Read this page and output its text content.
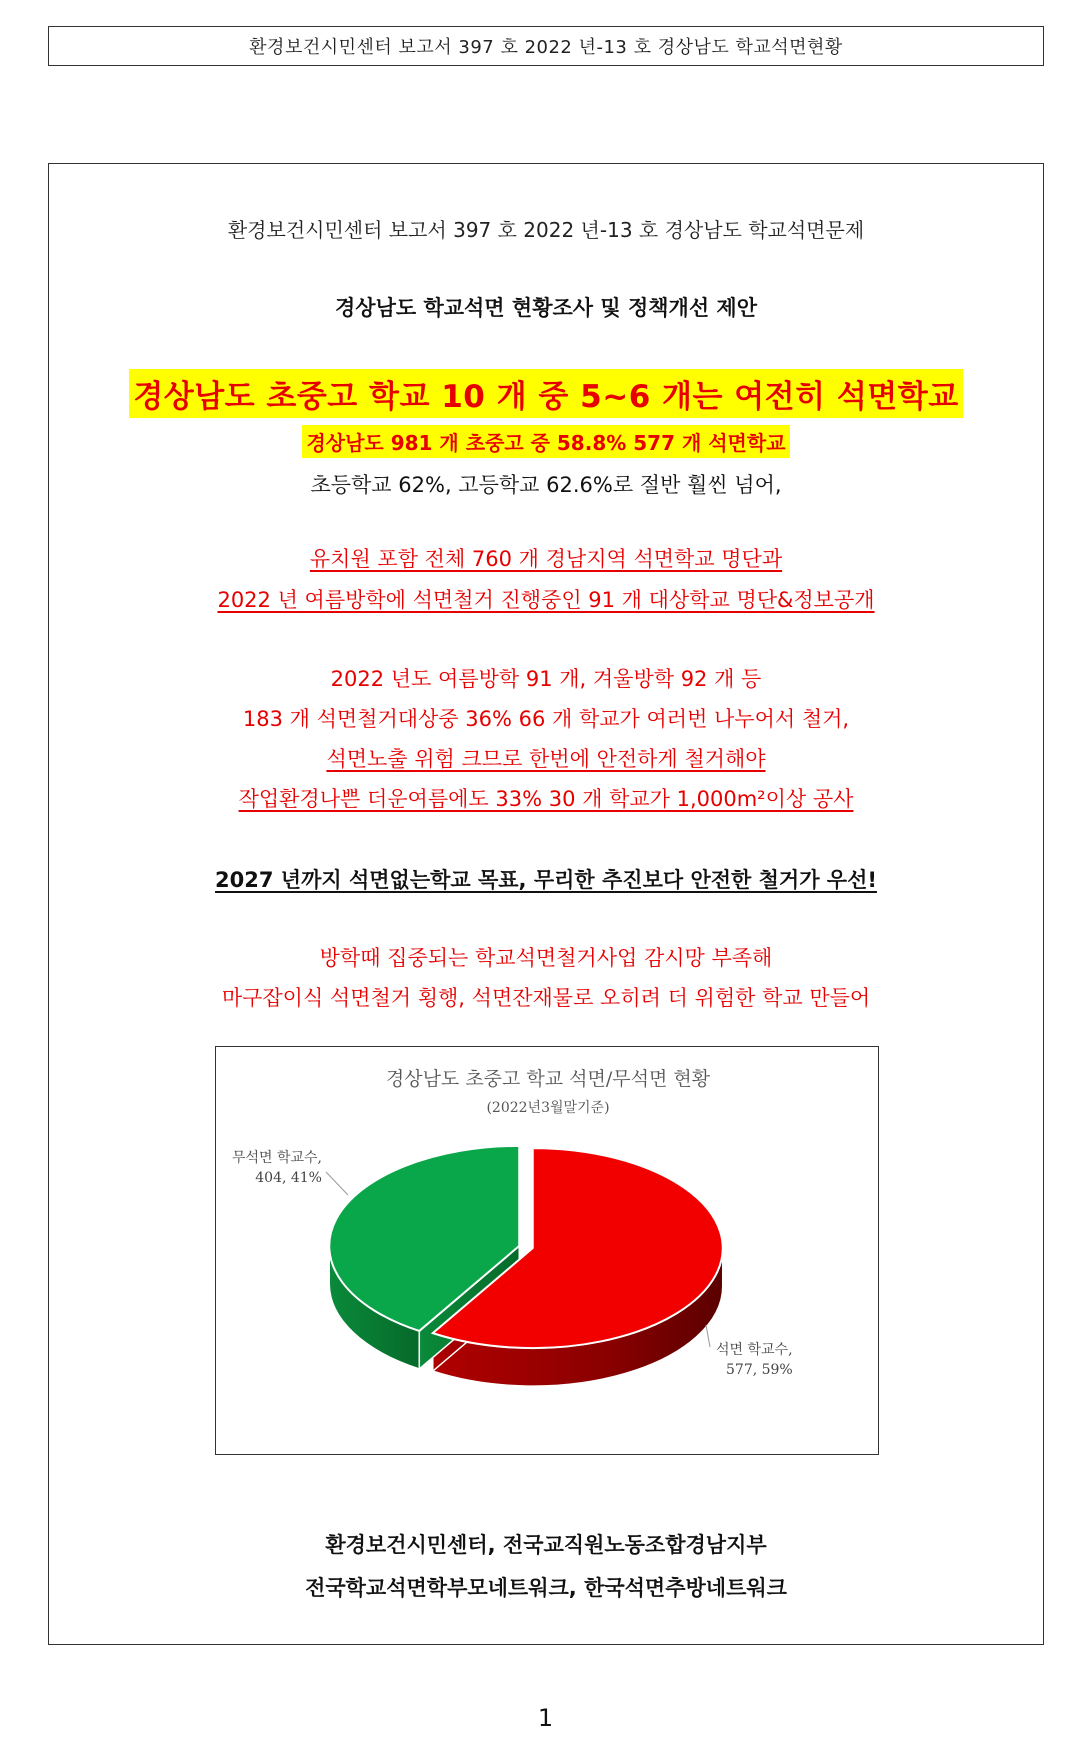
환경보건시민센터 보고서 397 호 2022 년-13 호 경상남도 학교석면현황
환경보건시민센터 보고서 397 호 2022 년-13 호 경상남도 학교석면문제
경상남도 학교석면 현황조사 및 정책개선 제안
경상남도 초중고 학교 10 개 중 5~6 개는 여전히 석면학교
경상남도 981 개 초중고 중 58.8% 577 개 석면학교
초등학교 62%, 고등학교 62.6%로 절반 훨씬 넘어,
유치원 포함 전체 760 개 경남지역 석면학교 명단과
2022 년 여름방학에 석면철거 진행중인 91 개 대상학교 명단&정보공개
2022 년도 여름방학 91 개, 겨울방학 92 개 등
183 개 석면철거대상중 36% 66 개 학교가 여러번 나누어서 철거,
석면노출 위험 크므로 한번에 안전하게 철거해야
작업환경나쁜 더운여름에도 33% 30 개 학교가 1,000m²이상 공사
2027 년까지 석면없는학교 목표, 무리한 추진보다 안전한 철거가 우선!
방학때 집중되는 학교석면철거사업 감시망 부족해
마구잡이식 석면철거 횡행, 석면잔재물로 오히려 더 위험한 학교 만들어
경상남도 초중고 학교 석면/무석면 현황
(2022년3월말기준)
석면 학교수,
577, 59%
무석면 학교수,
404, 41%
환경보건시민센터, 전국교직원노동조합경남지부
전국학교석면학부모네트워크, 한국석면추방네트워크
1
